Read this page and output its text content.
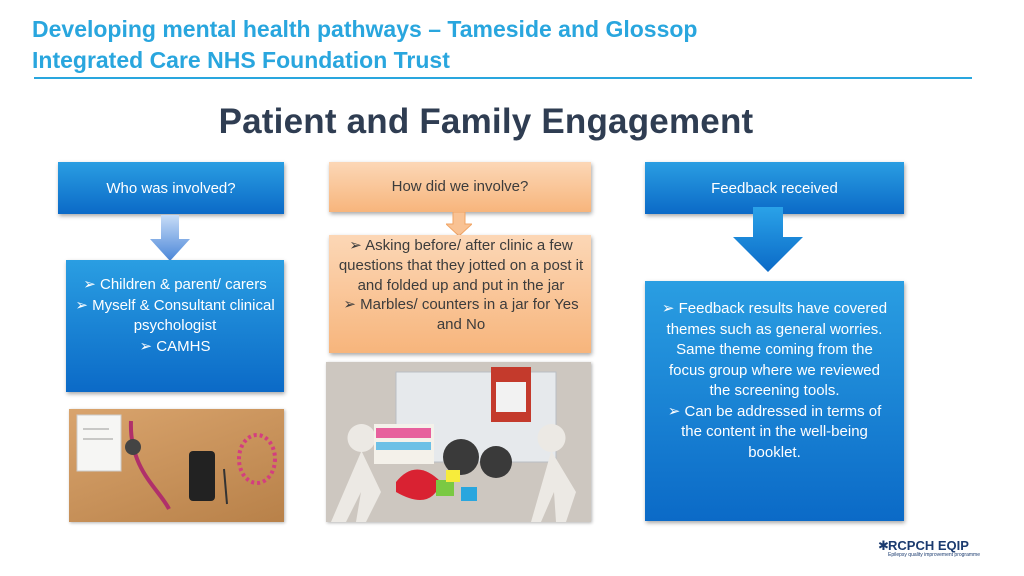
Developing mental health pathways – Tameside and Glossop
Integrated Care NHS Foundation Trust
Patient and Family Engagement
Who was involved?
➢ Children & parent/ carers
➢ Myself & Consultant clinical psychologist
➢ CAMHS
How did we involve?
➢ Asking before/ after clinic a few questions that they jotted on a post it and folded up and put in the jar
➢ Marbles/ counters in a jar for Yes and No
Feedback received
➢ Feedback results have covered themes such as general worries. Same theme coming from the focus group where we reviewed the screening tools.
➢ Can be addressed in terms of the content in the well-being booklet.
✱ RCPCH EQIP
Epilepsy quality improvement programme
